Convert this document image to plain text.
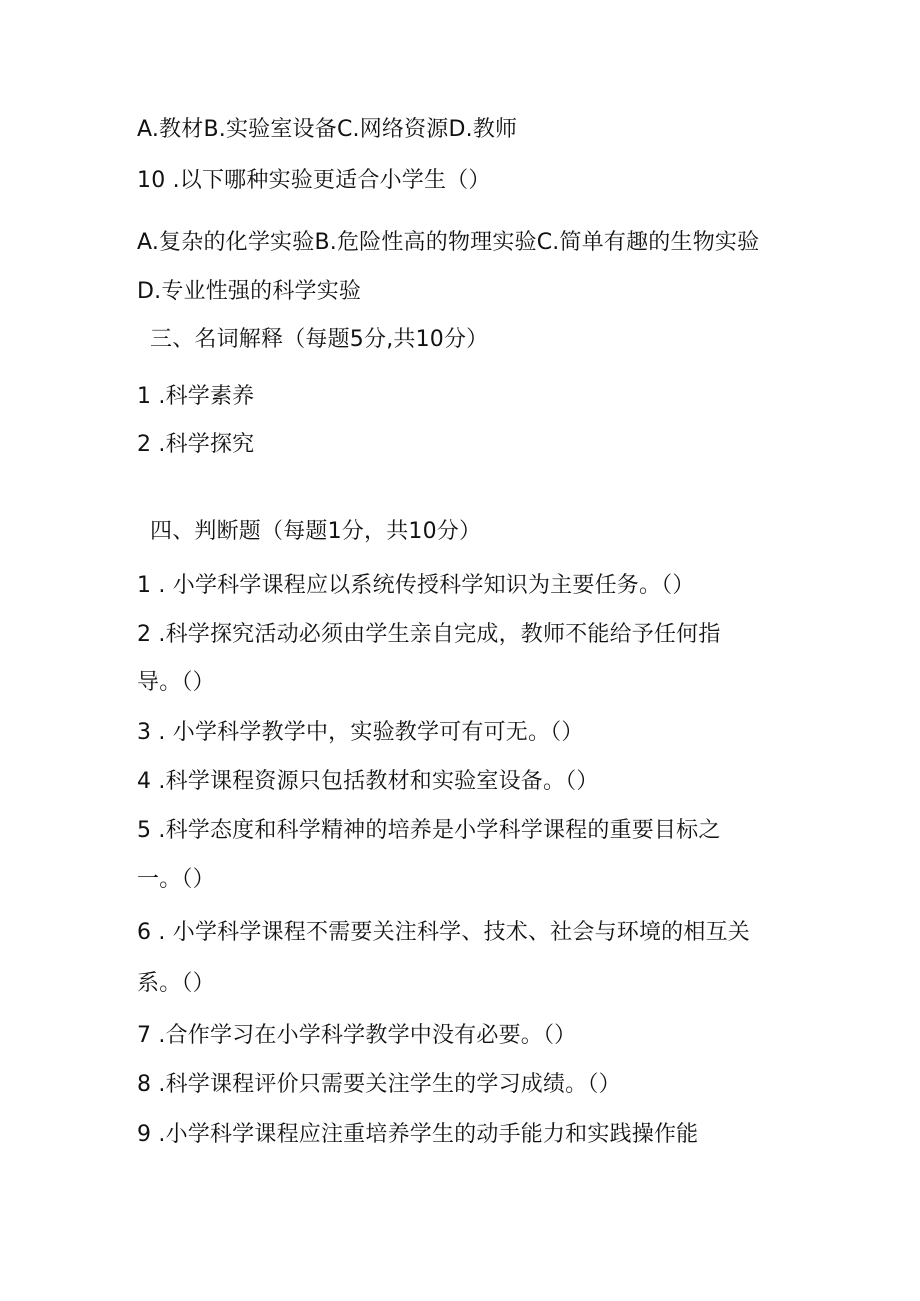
A.教材B.实验室设备C.网络资源D.教师
10 .以下哪种实验更适合小学生（）
A.复杂的化学实验B.危险性高的物理实验C.简单有趣的生物实验
D.专业性强的科学实验
三、名词解释（每题5分,共10分）
1 .科学素养
2 .科学探究
四、判断题（每题1分，共10分）
1 . 小学科学课程应以系统传授科学知识为主要任务。（）
2 .科学探究活动必须由学生亲自完成，教师不能给予任何指
导。（）
3 . 小学科学教学中，实验教学可有可无。（）
4 .科学课程资源只包括教材和实验室设备。（）
5 .科学态度和科学精神的培养是小学科学课程的重要目标之
一。（）
6 . 小学科学课程不需要关注科学、技术、社会与环境的相互关
系。（）
7 .合作学习在小学科学教学中没有必要。（）
8 .科学课程评价只需要关注学生的学习成绩。（）
9 .小学科学课程应注重培养学生的动手能力和实践操作能
